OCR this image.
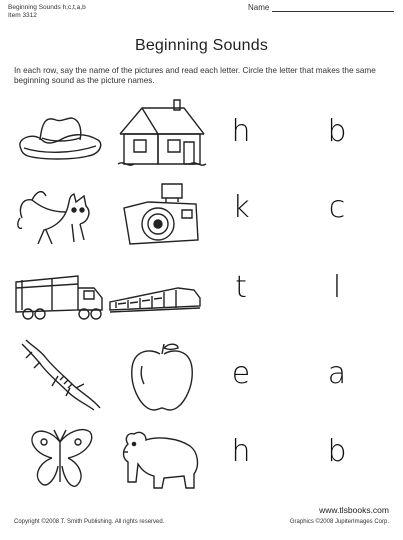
Beginning Sounds h,c,t,a,b
Item 3312
Name
Beginning Sounds
In each row, say the name of the pictures and read each letter. Circle the letter that makes the same beginning sound as the picture names.
h	b
k	c
t	l
e	a
h	b
www.tlsbooks.com
Copyright ©2008 T. Smith Publishing. All rights reserved.	Graphics ©2008 JupiterImages Corp.
